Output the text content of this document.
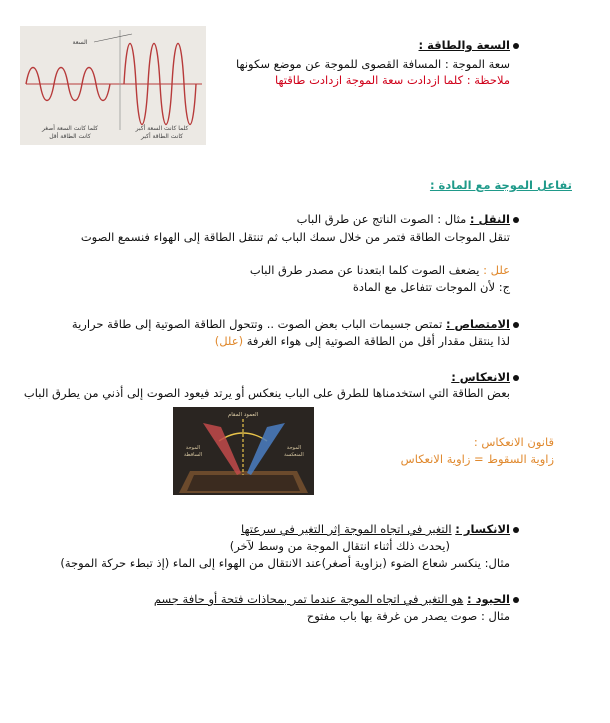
السعة
كلما كانت السعة أصغر
كانت الطاقة أقل
كلما كانت السعة أكبر
كانت الطاقة أكبر
السعة والطاقة :
سعة الموجة : المسافة القصوى للموجة عن موضع سكونها
ملاحظة : كلما ازدادت سعة الموجة ازدادت طاقتها
تفاعل الموجة مع المادة :
النقل : مثال : الصوت الناتج عن طرق الباب
تنقل الموجات الطاقة فتمر من خلال سمك الباب ثم تنتقل الطاقة إلى الهواء فنسمع الصوت
علل : يضعف الصوت كلما ابتعدنا عن مصدر طرق الباب
ج: لأن الموجات تتفاعل مع المادة
الامتصاص : تمتص جسيمات الباب بعض الصوت .. وتتحول الطاقة الصوتية إلى طاقة حرارية
لذا ينتقل مقدار أقل من الطاقة الصوتية إلى هواء الغرفة (علل)
الانعكاس :
بعض الطاقة التي استخدمناها للطرق على الباب ينعكس أو يرتد فيعود الصوت إلى أذني من يطرق الباب
العمود المقام
الموجة
الساقطة
الموجة
المنعكسة
قانون الانعكاس :
زاوية السقوط = زاوية الانعكاس
الانكسار : التغير في اتجاه الموجة إثر التغير في سرعتها
(يحدث ذلك أثناء انتقال الموجة من وسط لآخر)
مثال: ينكسر شعاع الضوء (بزاوية أصغر)عند الانتقال من الهواء إلى الماء (إذ تبطء حركة الموجة)
الحيود : هو التغير في اتجاه الموجة عندما تمر بمحاذات فتحة أو حافة جسم
مثال : صوت يصدر من غرفة بها باب مفتوح
